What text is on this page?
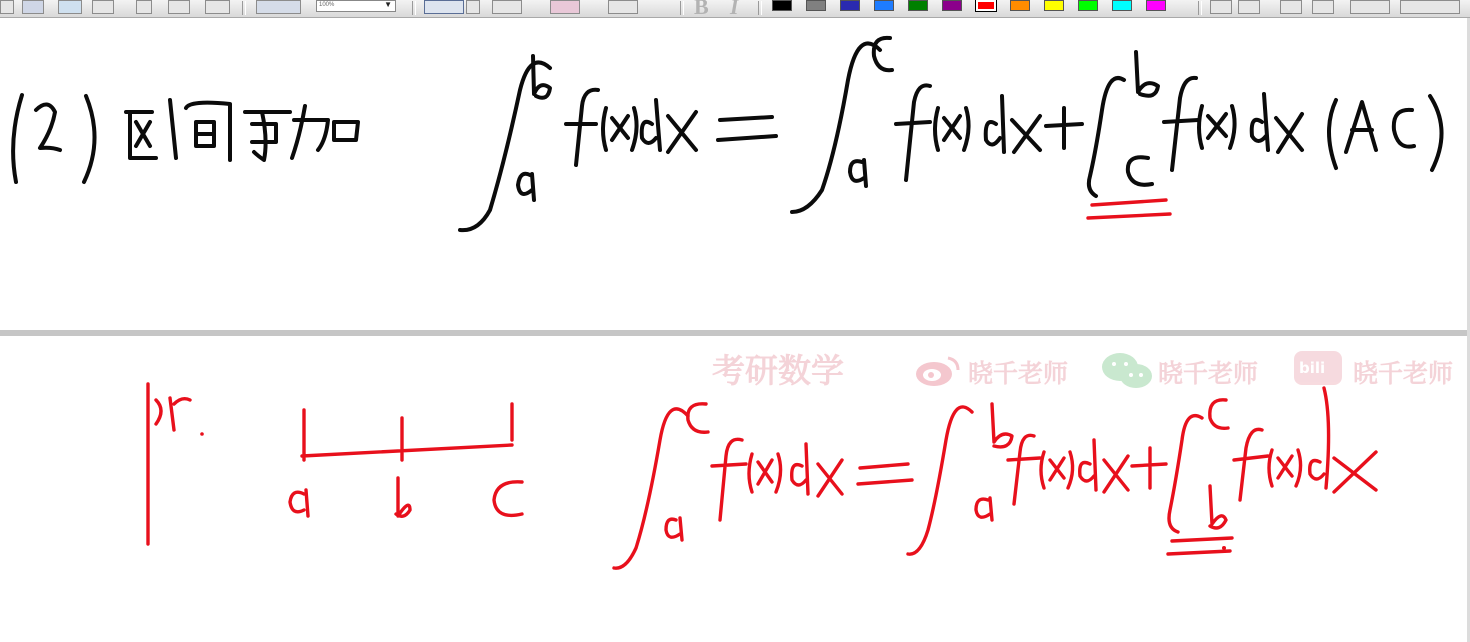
100%	▼	B I
考研数学	晓千老师	晓千老师	bili 晓千老师
